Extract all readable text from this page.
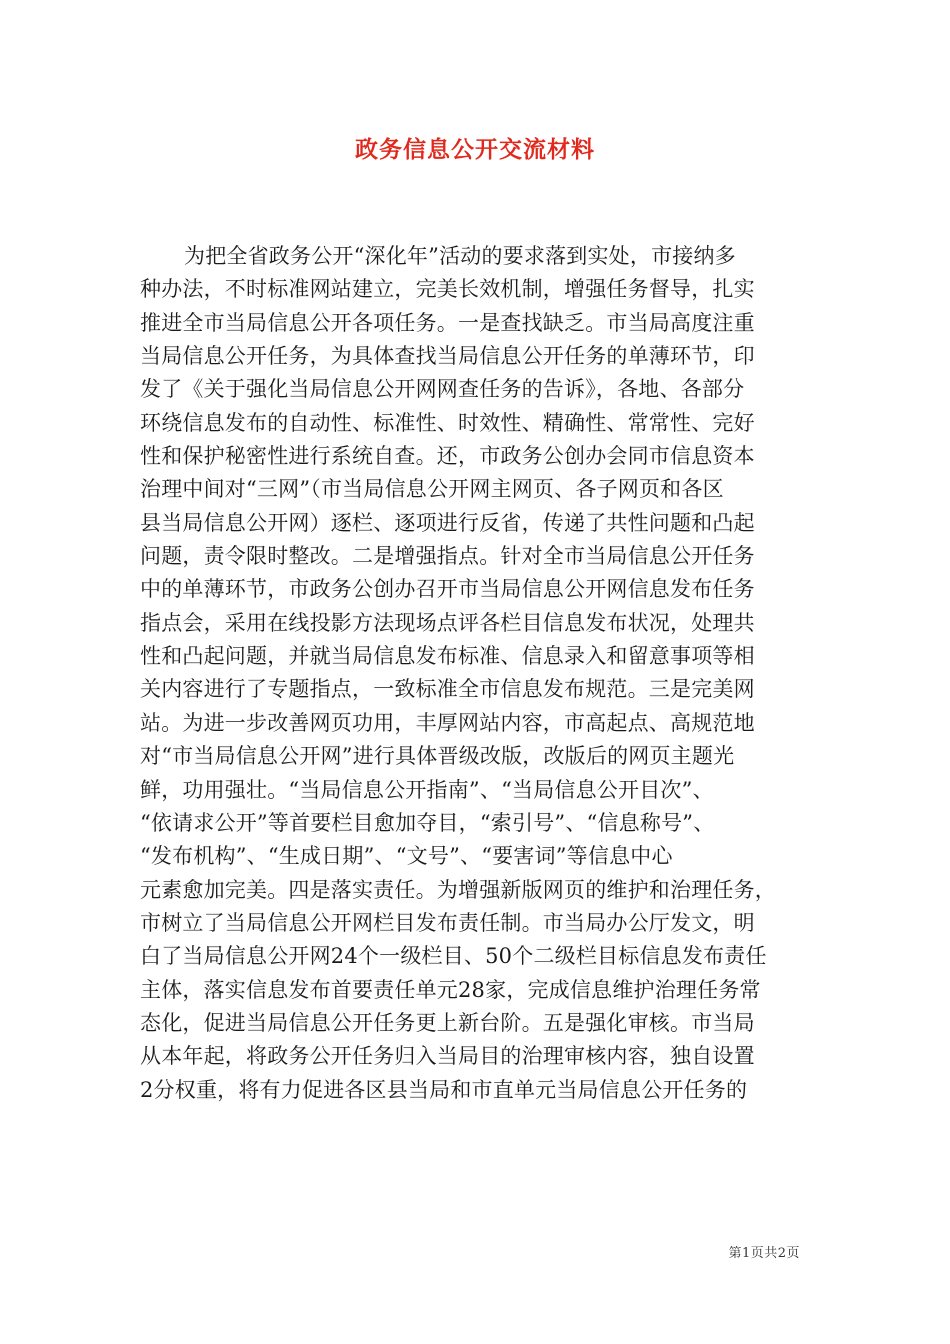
政务信息公开交流材料
为把全省政务公开“深化年”活动的要求落到实处，市接纳多
种办法，不时标准网站建立，完美长效机制，增强任务督导，扎实
推进全市当局信息公开各项任务。一是查找缺乏。市当局高度注重
当局信息公开任务，为具体查找当局信息公开任务的单薄环节，印
发了《关于强化当局信息公开网网查任务的告诉》，各地、各部分
环绕信息发布的自动性、标准性、时效性、精确性、常常性、完好
性和保护秘密性进行系统自查。还，市政务公创办会同市信息资本
治理中间对“三网”（市当局信息公开网主网页、各子网页和各区
县当局信息公开网）逐栏、逐项进行反省，传递了共性问题和凸起
问题，责令限时整改。二是增强指点。针对全市当局信息公开任务
中的单薄环节，市政务公创办召开市当局信息公开网信息发布任务
指点会，采用在线投影方法现场点评各栏目信息发布状况，处理共
性和凸起问题，并就当局信息发布标准、信息录入和留意事项等相
关内容进行了专题指点，一致标准全市信息发布规范。三是完美网
站。为进一步改善网页功用，丰厚网站内容，市高起点、高规范地
对“市当局信息公开网”进行具体晋级改版，改版后的网页主题光
鲜，功用强壮。“当局信息公开指南”、“当局信息公开目次”、
“依请求公开”等首要栏目愈加夺目，“索引号”、“信息称号”、
“发布机构”、“生成日期”、“文号”、“要害词”等信息中心
元素愈加完美。四是落实责任。为增强新版网页的维护和治理任务，
市树立了当局信息公开网栏目发布责任制。市当局办公厅发文，明
白了当局信息公开网24个一级栏目、50个二级栏目标信息发布责任
主体，落实信息发布首要责任单元28家，完成信息维护治理任务常
态化，促进当局信息公开任务更上新台阶。五是强化审核。市当局
从本年起，将政务公开任务归入当局目的治理审核内容，独自设置
2分权重，将有力促进各区县当局和市直单元当局信息公开任务的
第1页共2页
